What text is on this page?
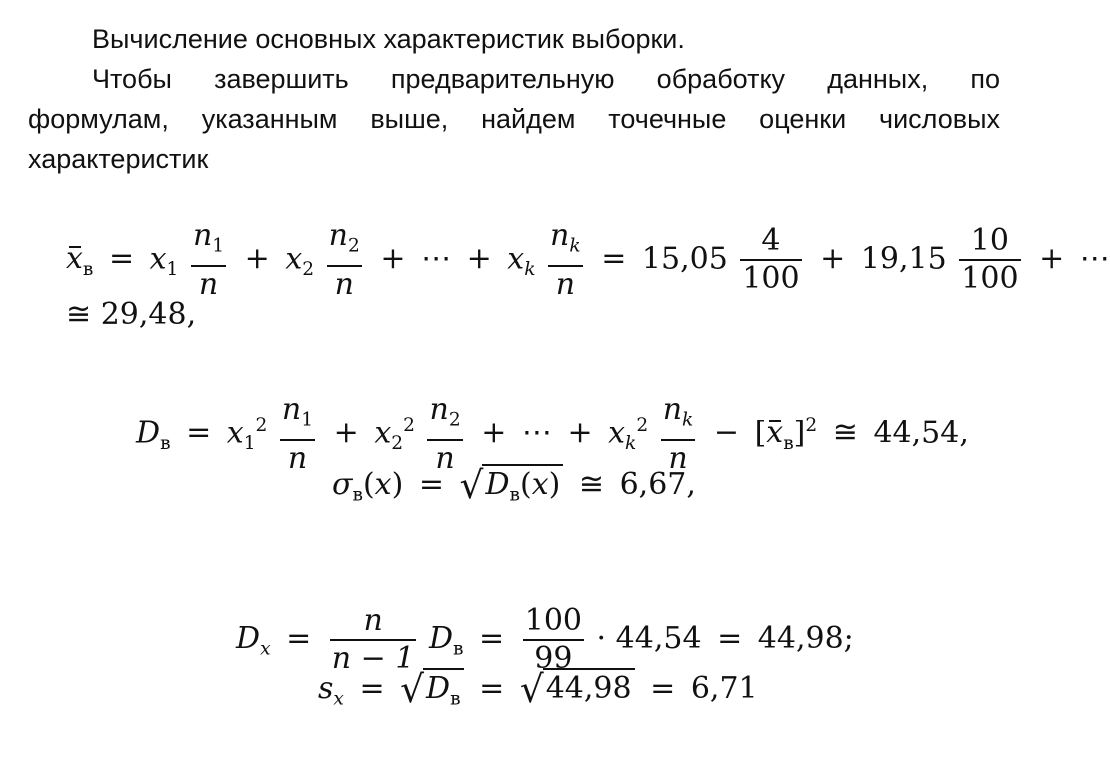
Вычисление основных характеристик выборки.
Чтобы завершить предварительную обработку данных, по
формулам, указанным выше, найдем точечные оценки числовых
характеристик
$x_в = x_1 \frac{n_1}{n} + x_2 \frac{n_2}{n}$ + ⋯ + $x_k \frac{n_k}{n} = 15,05 \frac{4}{100} + 19,15 \frac{10}{100}$ + ⋯
≅ 29,48,
$D_в = x_1^2 \frac{n_1}{n} + x_2^2 \frac{n_2}{n}$ + ⋯ + $x_k^2 \frac{n_k}{n} - [x_в]^2$ ≅ 44,54,
$\sigma_в(x) = √D_в(x)$ ≅ 6,67,
$D_x = \frac{n}{n - 1} D_в = \frac{100}{99} \cdot 44,54 = 44,98$;
$s_x = √D_в = √44,98 = 6,71$
